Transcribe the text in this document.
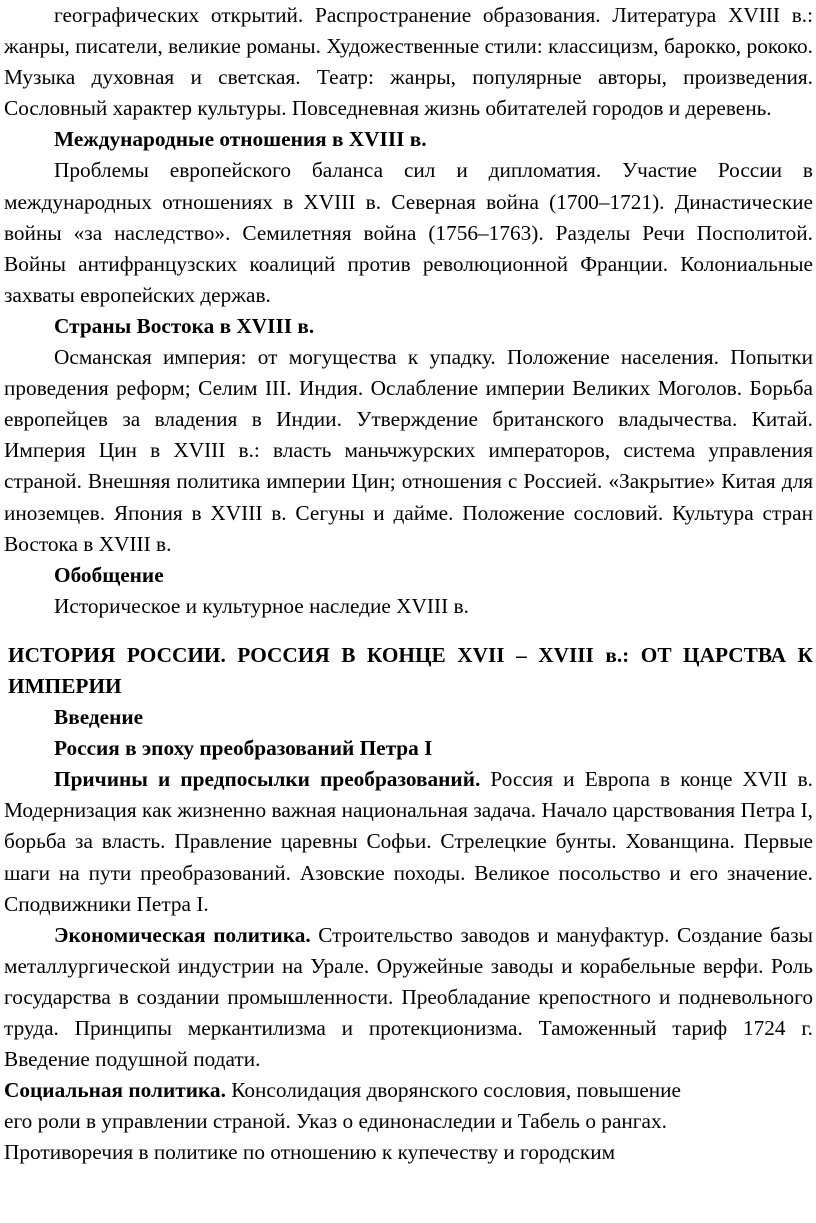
географических открытий. Распространение образования. Литература XVIII в.: жанры, писатели, великие романы. Художественные стили: классицизм, барокко, рококо. Музыка духовная и светская. Театр: жанры, популярные авторы, произведения. Сословный характер культуры. Повседневная жизнь обитателей городов и деревень.

Международные отношения в XVIII в.

Проблемы европейского баланса сил и дипломатия. Участие России в международных отношениях в XVIII в. Северная война (1700–1721). Династические войны «за наследство». Семилетняя война (1756–1763). Разделы Речи Посполитой. Войны антифранцузских коалиций против революционной Франции. Колониальные захваты европейских держав.

Страны Востока в XVIII в.

Османская империя: от могущества к упадку. Положение населения. Попытки проведения реформ; Селим III. Индия. Ослабление империи Великих Моголов. Борьба европейцев за владения в Индии. Утверждение британского владычества. Китай. Империя Цин в XVIII в.: власть маньчжурских императоров, система управления страной. Внешняя политика империи Цин; отношения с Россией. «Закрытие» Китая для иноземцев. Япония в XVIII в. Сегуны и дайме. Положение сословий. Культура стран Востока в XVIII в.

Обобщение

Историческое и культурное наследие XVIII в.

ИСТОРИЯ РОССИИ. РОССИЯ В КОНЦЕ XVII – XVIII в.: ОТ ЦАРСТВА К ИМПЕРИИ

Введение

Россия в эпоху преобразований Петра I

Причины и предпосылки преобразований. Россия и Европа в конце XVII в. Модернизация как жизненно важная национальная задача. Начало царствования Петра I, борьба за власть. Правление царевны Софьи. Стрелецкие бунты. Хованщина. Первые шаги на пути преобразований. Азовские походы. Великое посольство и его значение. Сподвижники Петра I.

Экономическая политика. Строительство заводов и мануфактур. Создание базы металлургической индустрии на Урале. Оружейные заводы и корабельные верфи. Роль государства в создании промышленности. Преобладание крепостного и подневольного труда. Принципы меркантилизма и протекционизма. Таможенный тариф 1724 г. Введение подушной подати.

Социальная политика. Консолидация дворянского сословия, повышение
его роли в управлении страной. Указ о единонаследии и Табель о рангах.
Противоречия в политике по отношению к купечеству и городским
